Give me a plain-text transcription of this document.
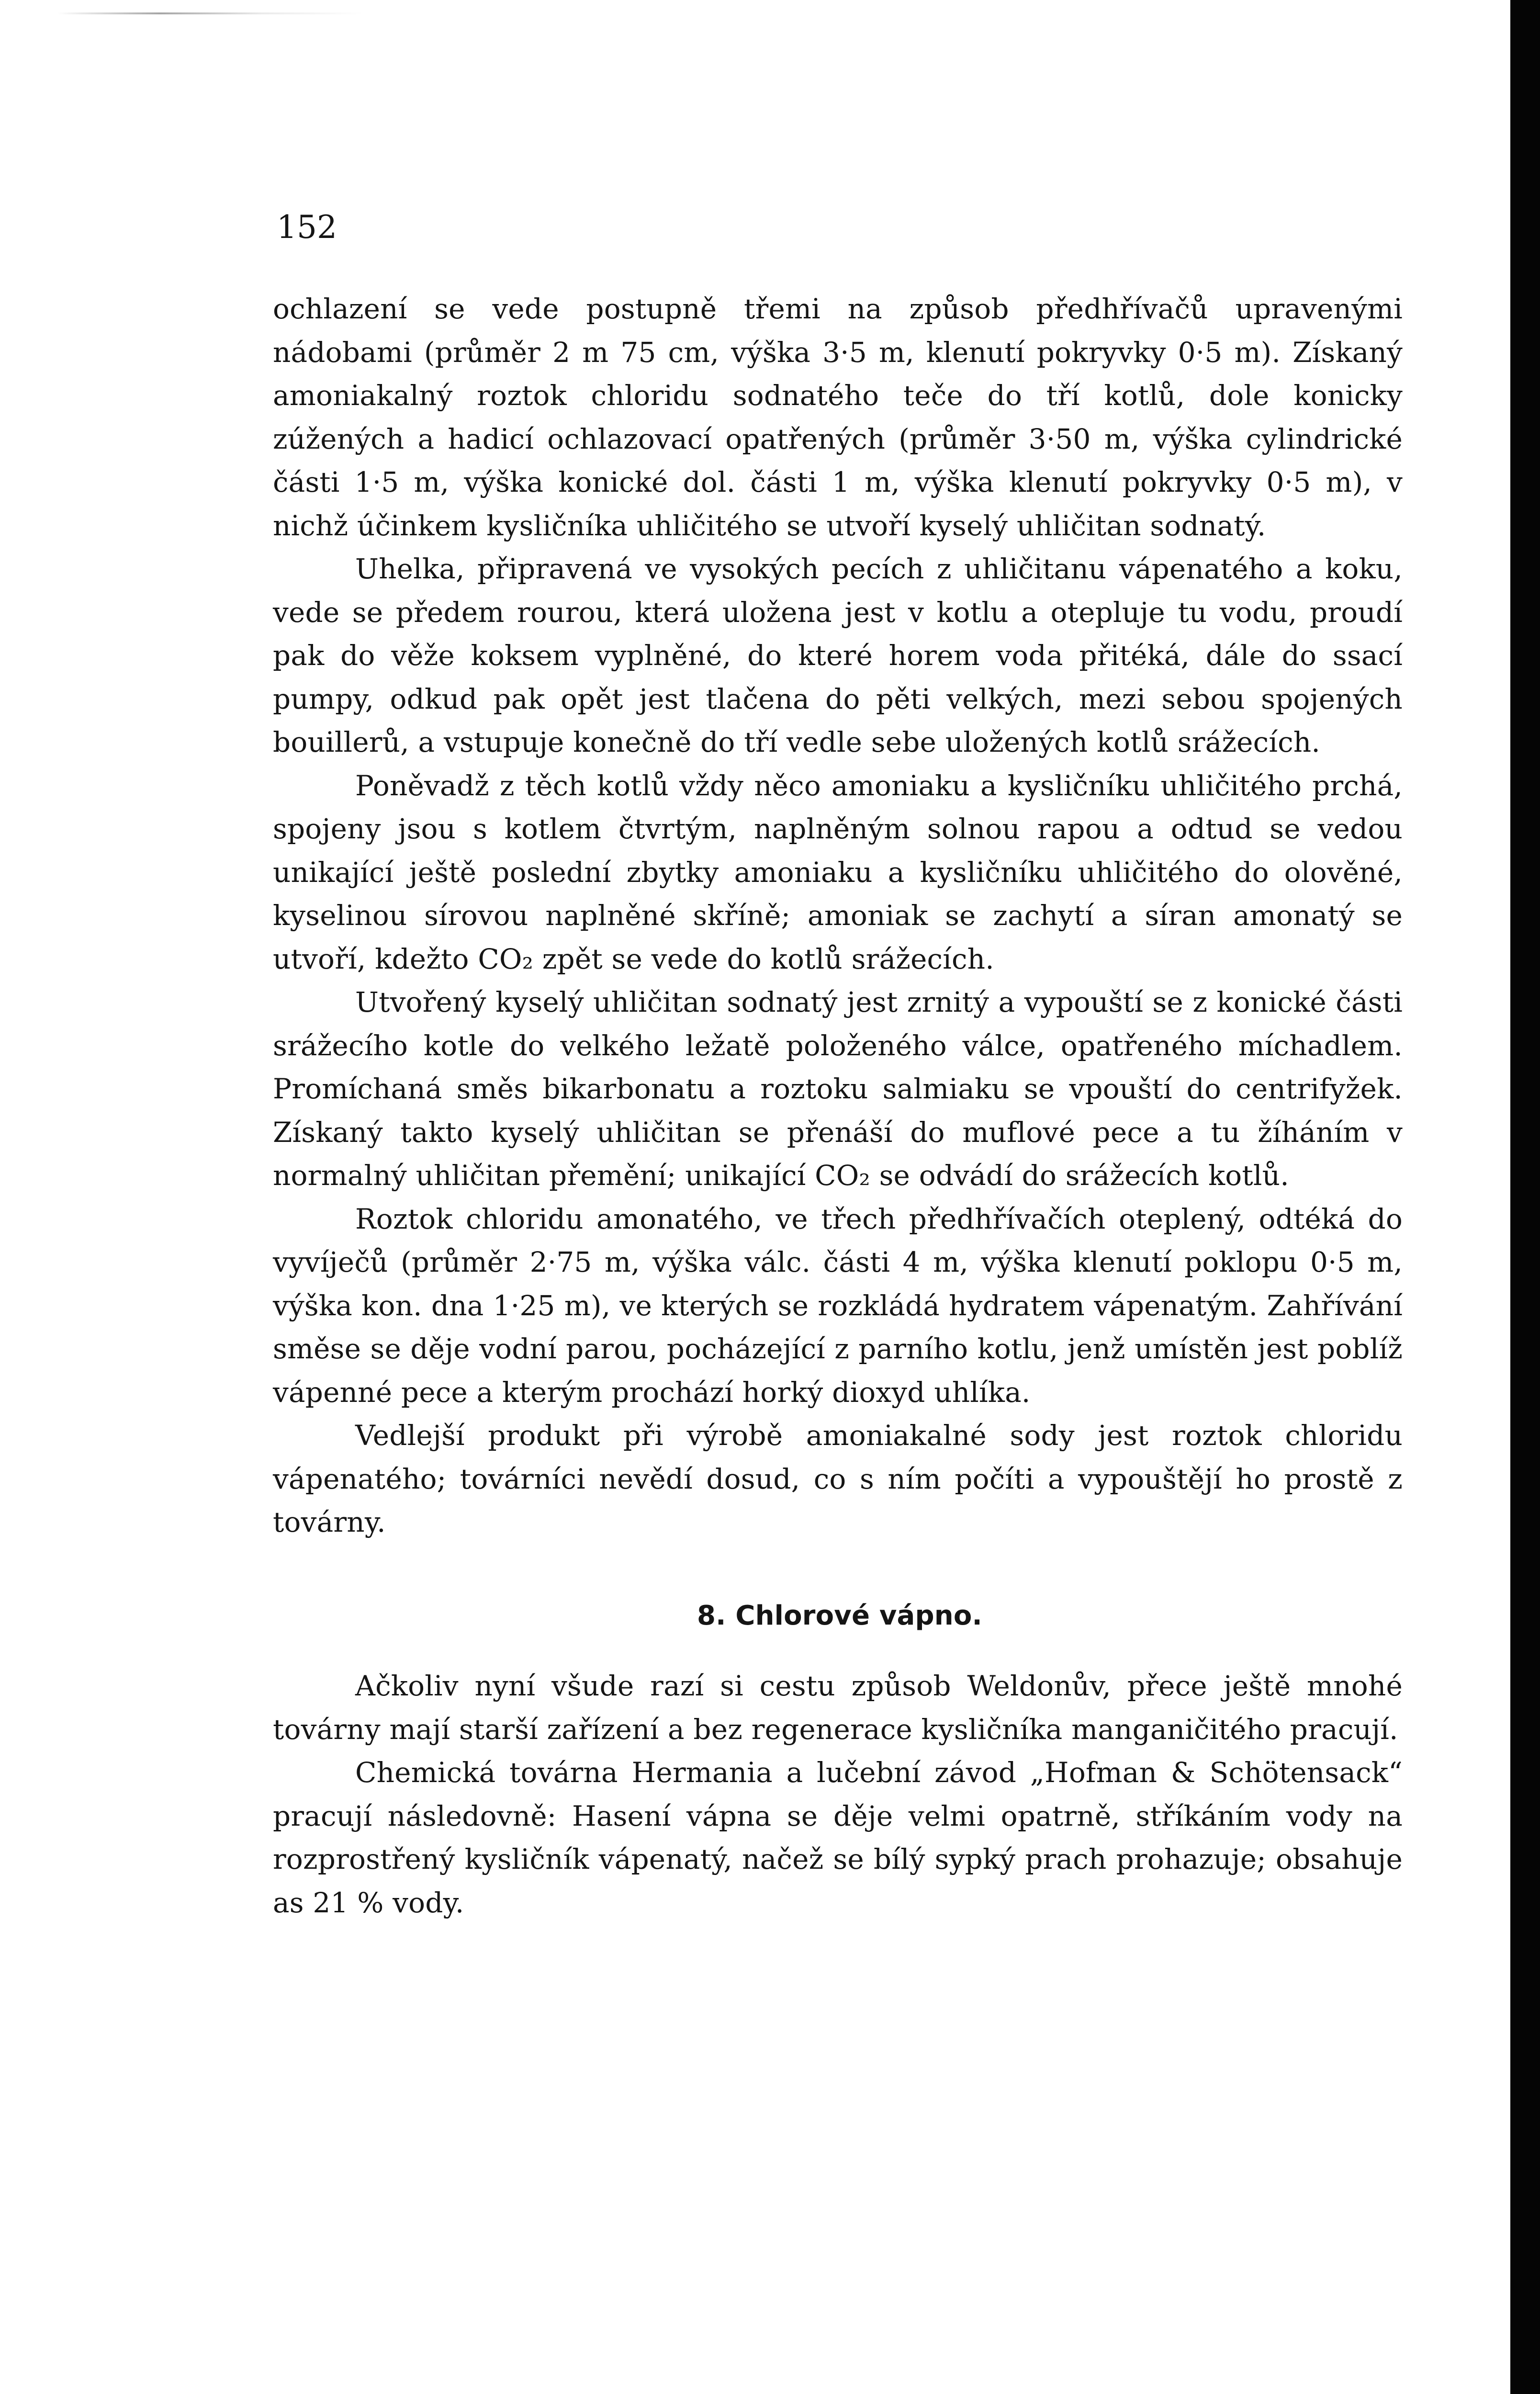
152

ochlazení se vede postupně třemi na způsob předhřívačů upravenými nádobami (průměr 2 m 75 cm, výška 3·5 m, klenutí pokryvky 0·5 m). Získaný amoniakalný roztok chloridu sodnatého teče do tří kotlů, dole konicky zúžených a hadicí ochlazovací opatřených (průměr 3·50 m, výška cylindrické části 1·5 m, výška konické dol. části 1 m, výška klenutí pokryvky 0·5 m), v nichž účinkem kysličníka uhličitého se utvoří kyselý uhličitan sodnatý.

Uhelka, připravená ve vysokých pecích z uhličitanu vápenatého a koku, vede se předem rourou, která uložena jest v kotlu a otepluje tu vodu, proudí pak do věže koksem vyplněné, do které horem voda přitéká, dále do ssací pumpy, odkud pak opět jest tlačena do pěti velkých, mezi sebou spojených bouillerů, a vstupuje konečně do tří vedle sebe uložených kotlů srážecích.

Poněvadž z těch kotlů vždy něco amoniaku a kysličníku uhličitého prchá, spojeny jsou s kotlem čtvrtým, naplněným solnou rapou a odtud se vedou unikající ještě poslední zbytky amoniaku a kysličníku uhličitého do olověné, kyselinou sírovou naplněné skříně; amoniak se zachytí a síran amonatý se utvoří, kdežto CO₂ zpět se vede do kotlů srážecích.

Utvořený kyselý uhličitan sodnatý jest zrnitý a vypouští se z konické části srážecího kotle do velkého ležatě položeného válce, opatřeného míchadlem. Promíchaná směs bikarbonatu a roztoku salmiaku se vpouští do centrifyžek. Získaný takto kyselý uhličitan se přenáší do muflové pece a tu žíháním v normalný uhličitan přemění; unikající CO₂ se odvádí do srážecích kotlů.

Roztok chloridu amonatého, ve třech předhřívačích oteplený, odtéká do vyvíječů (průměr 2·75 m, výška válc. části 4 m, výška klenutí poklopu 0·5 m, výška kon. dna 1·25 m), ve kterých se rozkládá hydratem vápenatým. Zahřívání směse se děje vodní parou, pocházející z parního kotlu, jenž umístěn jest poblíž vápenné pece a kterým prochází horký dioxyd uhlíka.

Vedlejší produkt při výrobě amoniakalné sody jest roztok chloridu vápenatého; továrníci nevědí dosud, co s ním počíti a vypouštějí ho prostě z továrny.

8. Chlorové vápno.

Ačkoliv nyní všude razí si cestu způsob Weldonův, přece ještě mnohé továrny mají starší zařízení a bez regenerace kysličníka manganičitého pracují.

Chemická továrna Hermania a lučební závod „Hofman & Schötensack“ pracují následovně: Hasení vápna se děje velmi opatrně, stříkáním vody na rozprostřený kysličník vápenatý, načež se bílý sypký prach prohazuje; obsahuje as 21 % vody.
